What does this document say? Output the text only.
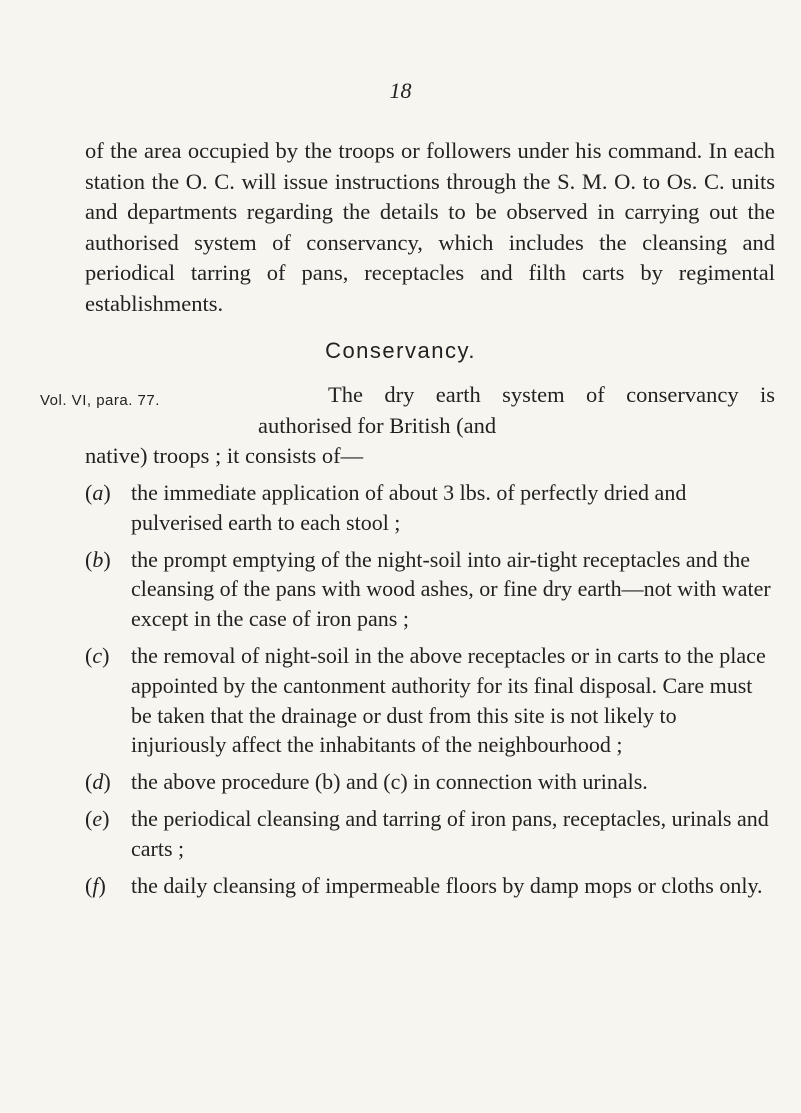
18

of the area occupied by the troops or followers under his command. In each station the O. C. will issue instructions through the S. M. O. to Os. C. units and departments regarding the details to be observed in carrying out the authorised system of conservancy, which includes the cleansing and periodical tarring of pans, receptacles and filth carts by regimental establishments.

Conservancy.
Vol. VI, para. 77.	The dry earth system of conservancy is authorised for British (and

native) troops ; it consists of—

(a) the immediate application of about 3 lbs. of perfectly dried and pulverised earth to each stool ;
(b) the prompt emptying of the night-soil into air-tight receptacles and the cleansing of the pans with wood ashes, or fine dry earth—not with water except in the case of iron pans ;
(c) the removal of night-soil in the above receptacles or in carts to the place appointed by the cantonment authority for its final disposal. Care must be taken that the drainage or dust from this site is not likely to injuriously affect the inhabitants of the neighbourhood ;
(d) the above procedure (b) and (c) in connection with urinals.
(e) the periodical cleansing and tarring of iron pans, receptacles, urinals and carts ;
(f) the daily cleansing of impermeable floors by damp mops or cloths only.
